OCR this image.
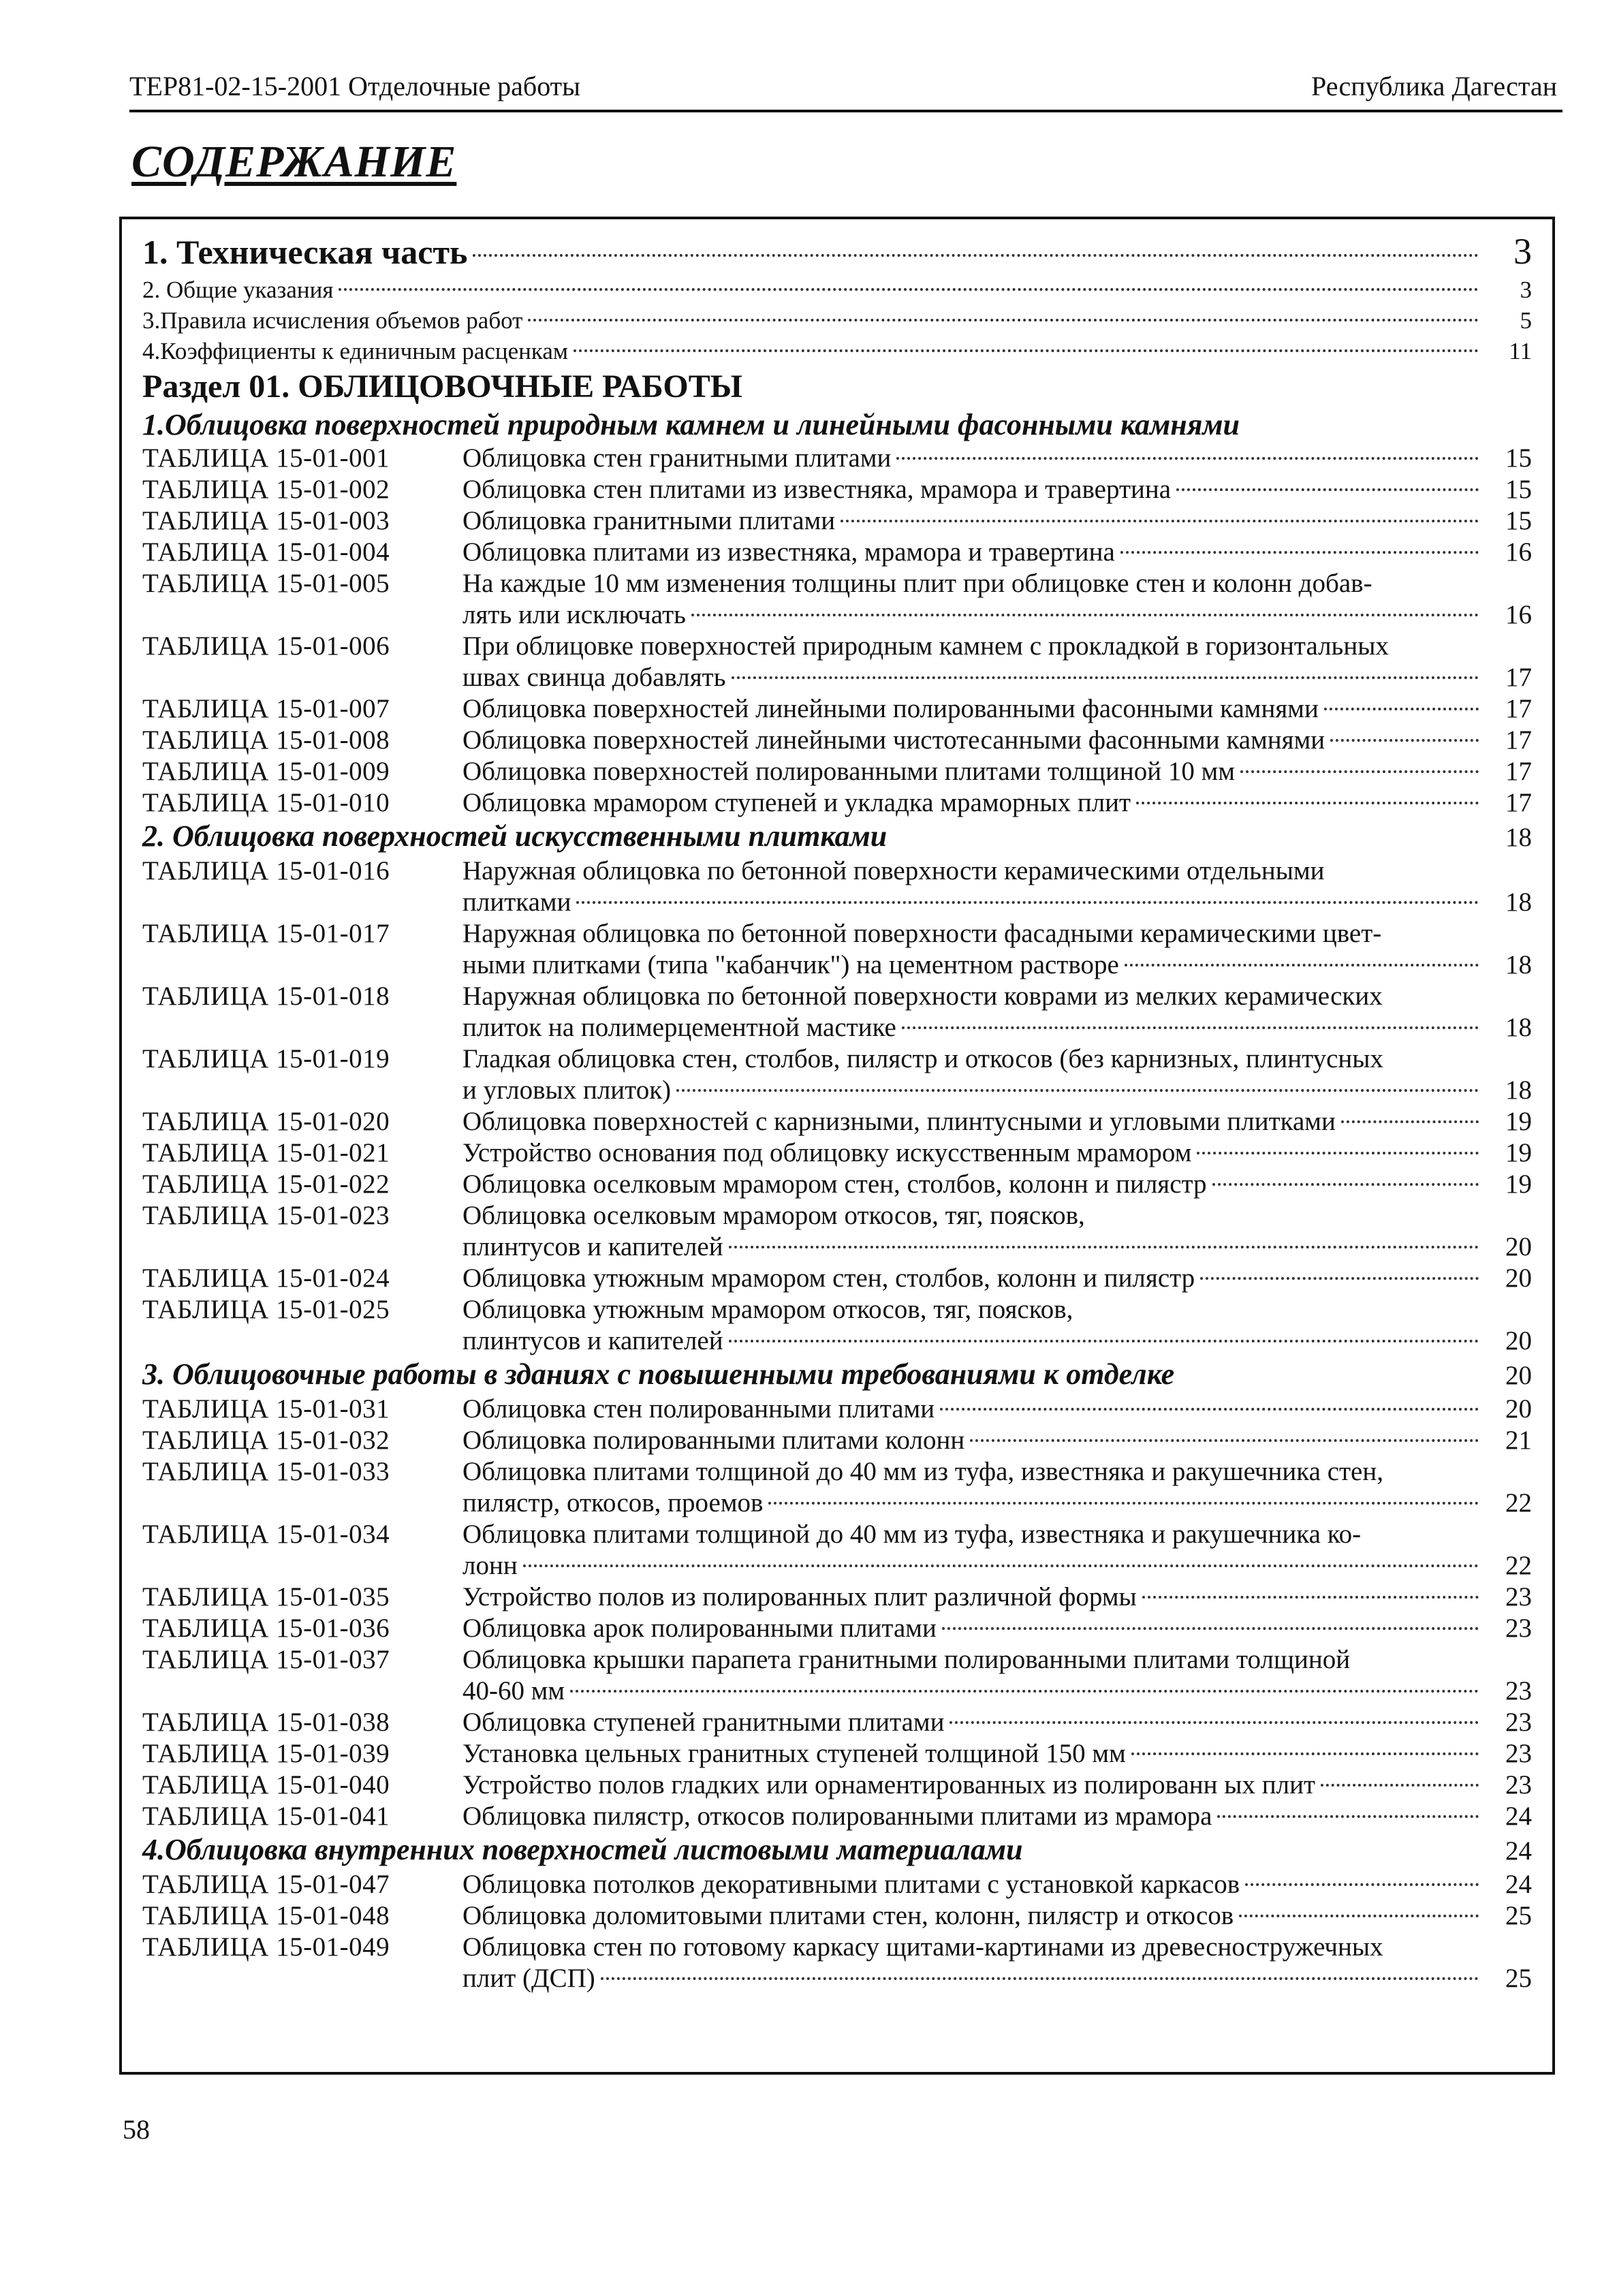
ТЕР81-02-15-2001 Отделочные работы	Республика Дагестан
СОДЕРЖАНИЕ
1. Техническая часть	3
2. Общие указания	3
3.Правила исчисления объемов работ	5
4.Коэффициенты к единичным расценкам	11
Раздел 01. ОБЛИЦОВОЧНЫЕ РАБОТЫ
1.Облицовка поверхностей природным камнем и линейными фасонными камнями
ТАБЛИЦА 15-01-001	Облицовка стен гранитными плитами	15
ТАБЛИЦА 15-01-002	Облицовка стен плитами из известняка, мрамора и травертина	15
ТАБЛИЦА 15-01-003	Облицовка гранитными плитами	15
ТАБЛИЦА 15-01-004	Облицовка плитами из известняка, мрамора и травертина	16
ТАБЛИЦА 15-01-005	На каждые 10 мм изменения толщины плит при облицовке стен и колонн добав-
лять или исключать	16
ТАБЛИЦА 15-01-006	При облицовке поверхностей природным камнем с прокладкой в горизонтальных
швах свинца добавлять	17
ТАБЛИЦА 15-01-007	Облицовка поверхностей линейными полированными фасонными камнями	17
ТАБЛИЦА 15-01-008	Облицовка поверхностей линейными чистотесанными фасонными камнями	17
ТАБЛИЦА 15-01-009	Облицовка поверхностей полированными плитами толщиной 10 мм	17
ТАБЛИЦА 15-01-010	Облицовка мрамором ступеней и укладка мраморных плит	17
2. Облицовка поверхностей искусственными плитками	18
ТАБЛИЦА 15-01-016	Наружная облицовка по бетонной поверхности керамическими отдельными
плитками	18
ТАБЛИЦА 15-01-017	Наружная облицовка по бетонной поверхности фасадными керамическими цвет-
ными плитками (типа "кабанчик") на цементном растворе	18
ТАБЛИЦА 15-01-018	Наружная облицовка по бетонной поверхности коврами из мелких керамических
плиток на полимерцементной мастике	18
ТАБЛИЦА 15-01-019	Гладкая облицовка стен, столбов, пилястр и откосов (без карнизных, плинтусных
и угловых плиток)	18
ТАБЛИЦА 15-01-020	Облицовка поверхностей с карнизными, плинтусными и угловыми плитками	19
ТАБЛИЦА 15-01-021	Устройство основания под облицовку искусственным мрамором	19
ТАБЛИЦА 15-01-022	Облицовка оселковым мрамором стен, столбов, колонн и пилястр	19
ТАБЛИЦА 15-01-023	Облицовка оселковым мрамором откосов, тяг, поясков,
плинтусов и капителей	20
ТАБЛИЦА 15-01-024	Облицовка утюжным мрамором стен, столбов, колонн и пилястр	20
ТАБЛИЦА 15-01-025	Облицовка утюжным мрамором откосов, тяг, поясков,
плинтусов и капителей	20
3. Облицовочные работы в зданиях с повышенными требованиями к отделке	20
ТАБЛИЦА 15-01-031	Облицовка стен полированными плитами	20
ТАБЛИЦА 15-01-032	Облицовка полированными плитами колонн	21
ТАБЛИЦА 15-01-033	Облицовка плитами толщиной до 40 мм из туфа, известняка и ракушечника стен,
пилястр, откосов, проемов	22
ТАБЛИЦА 15-01-034	Облицовка плитами толщиной до 40 мм из туфа, известняка и ракушечника ко-
лонн	22
ТАБЛИЦА 15-01-035	Устройство полов из полированных плит различной формы	23
ТАБЛИЦА 15-01-036	Облицовка арок полированными плитами	23
ТАБЛИЦА 15-01-037	Облицовка крышки парапета гранитными полированными плитами толщиной
40-60 мм	23
ТАБЛИЦА 15-01-038	Облицовка ступеней гранитными плитами	23
ТАБЛИЦА 15-01-039	Установка цельных гранитных ступеней толщиной 150 мм	23
ТАБЛИЦА 15-01-040	Устройство полов гладких или орнаментированных из полированн ых плит	23
ТАБЛИЦА 15-01-041	Облицовка пилястр, откосов полированными плитами из мрамора	24
4.Облицовка внутренних поверхностей листовыми материалами	24
ТАБЛИЦА 15-01-047	Облицовка потолков декоративными плитами с установкой каркасов	24
ТАБЛИЦА 15-01-048	Облицовка доломитовыми плитами стен, колонн, пилястр и откосов	25
ТАБЛИЦА 15-01-049	Облицовка стен по готовому каркасу щитами-картинами из древесностружечных
плит (ДСП)	25
58
